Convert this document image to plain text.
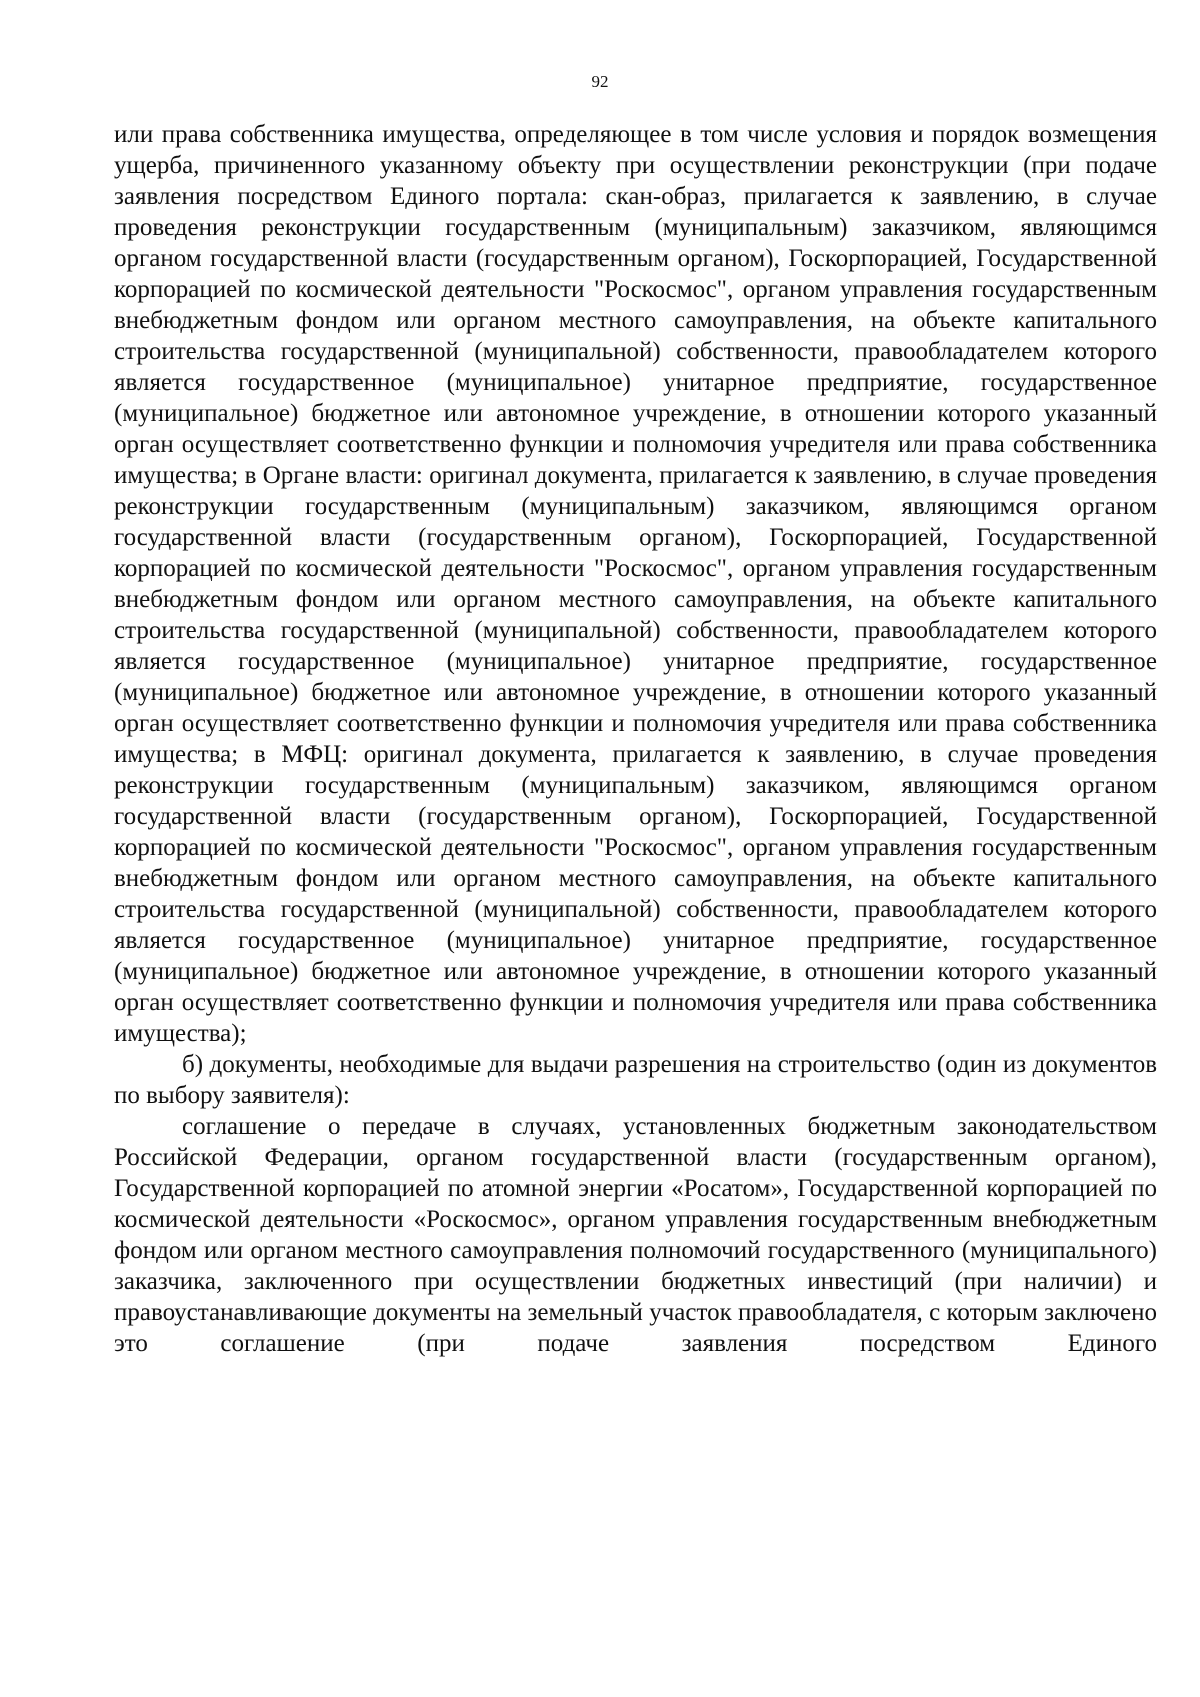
92

или права собственника имущества, определяющее в том числе условия и порядок возмещения ущерба, причиненного указанному объекту при осуществлении реконструкции (при подаче заявления посредством Единого портала: скан-образ, прилагается к заявлению, в случае проведения реконструкции государственным (муниципальным) заказчиком, являющимся органом государственной власти (государственным органом), Госкорпорацией, Государственной корпорацией по космической деятельности "Роскосмос", органом управления государственным внебюджетным фондом или органом местного самоуправления, на объекте капитального строительства государственной (муниципальной) собственности, правообладателем которого является государственное (муниципальное) унитарное предприятие, государственное (муниципальное) бюджетное или автономное учреждение, в отношении которого указанный орган осуществляет соответственно функции и полномочия учредителя или права собственника имущества; в Органе власти: оригинал документа, прилагается к заявлению, в случае проведения реконструкции государственным (муниципальным) заказчиком, являющимся органом государственной власти (государственным органом), Госкорпорацией, Государственной корпорацией по космической деятельности "Роскосмос", органом управления государственным внебюджетным фондом или органом местного самоуправления, на объекте капитального строительства государственной (муниципальной) собственности, правообладателем которого является государственное (муниципальное) унитарное предприятие, государственное (муниципальное) бюджетное или автономное учреждение, в отношении которого указанный орган осуществляет соответственно функции и полномочия учредителя или права собственника имущества; в МФЦ: оригинал документа, прилагается к заявлению, в случае проведения реконструкции государственным (муниципальным) заказчиком, являющимся органом государственной власти (государственным органом), Госкорпорацией, Государственной корпорацией по космической деятельности "Роскосмос", органом управления государственным внебюджетным фондом или органом местного самоуправления, на объекте капитального строительства государственной (муниципальной) собственности, правообладателем которого является государственное (муниципальное) унитарное предприятие, государственное (муниципальное) бюджетное или автономное учреждение, в отношении которого указанный орган осуществляет соответственно функции и полномочия учредителя или права собственника имущества);

б) документы, необходимые для выдачи разрешения на строительство (один из документов по выбору заявителя):

соглашение о передаче в случаях, установленных бюджетным законодательством Российской Федерации, органом государственной власти (государственным органом), Государственной корпорацией по атомной энергии «Росатом», Государственной корпорацией по космической деятельности «Роскосмос», органом управления государственным внебюджетным фондом или органом местного самоуправления полномочий государственного (муниципального) заказчика, заключенного при осуществлении бюджетных инвестиций (при наличии) и правоустанавливающие документы на земельный участок правообладателя, с которым заключено это соглашение (при подаче заявления посредством Единого
